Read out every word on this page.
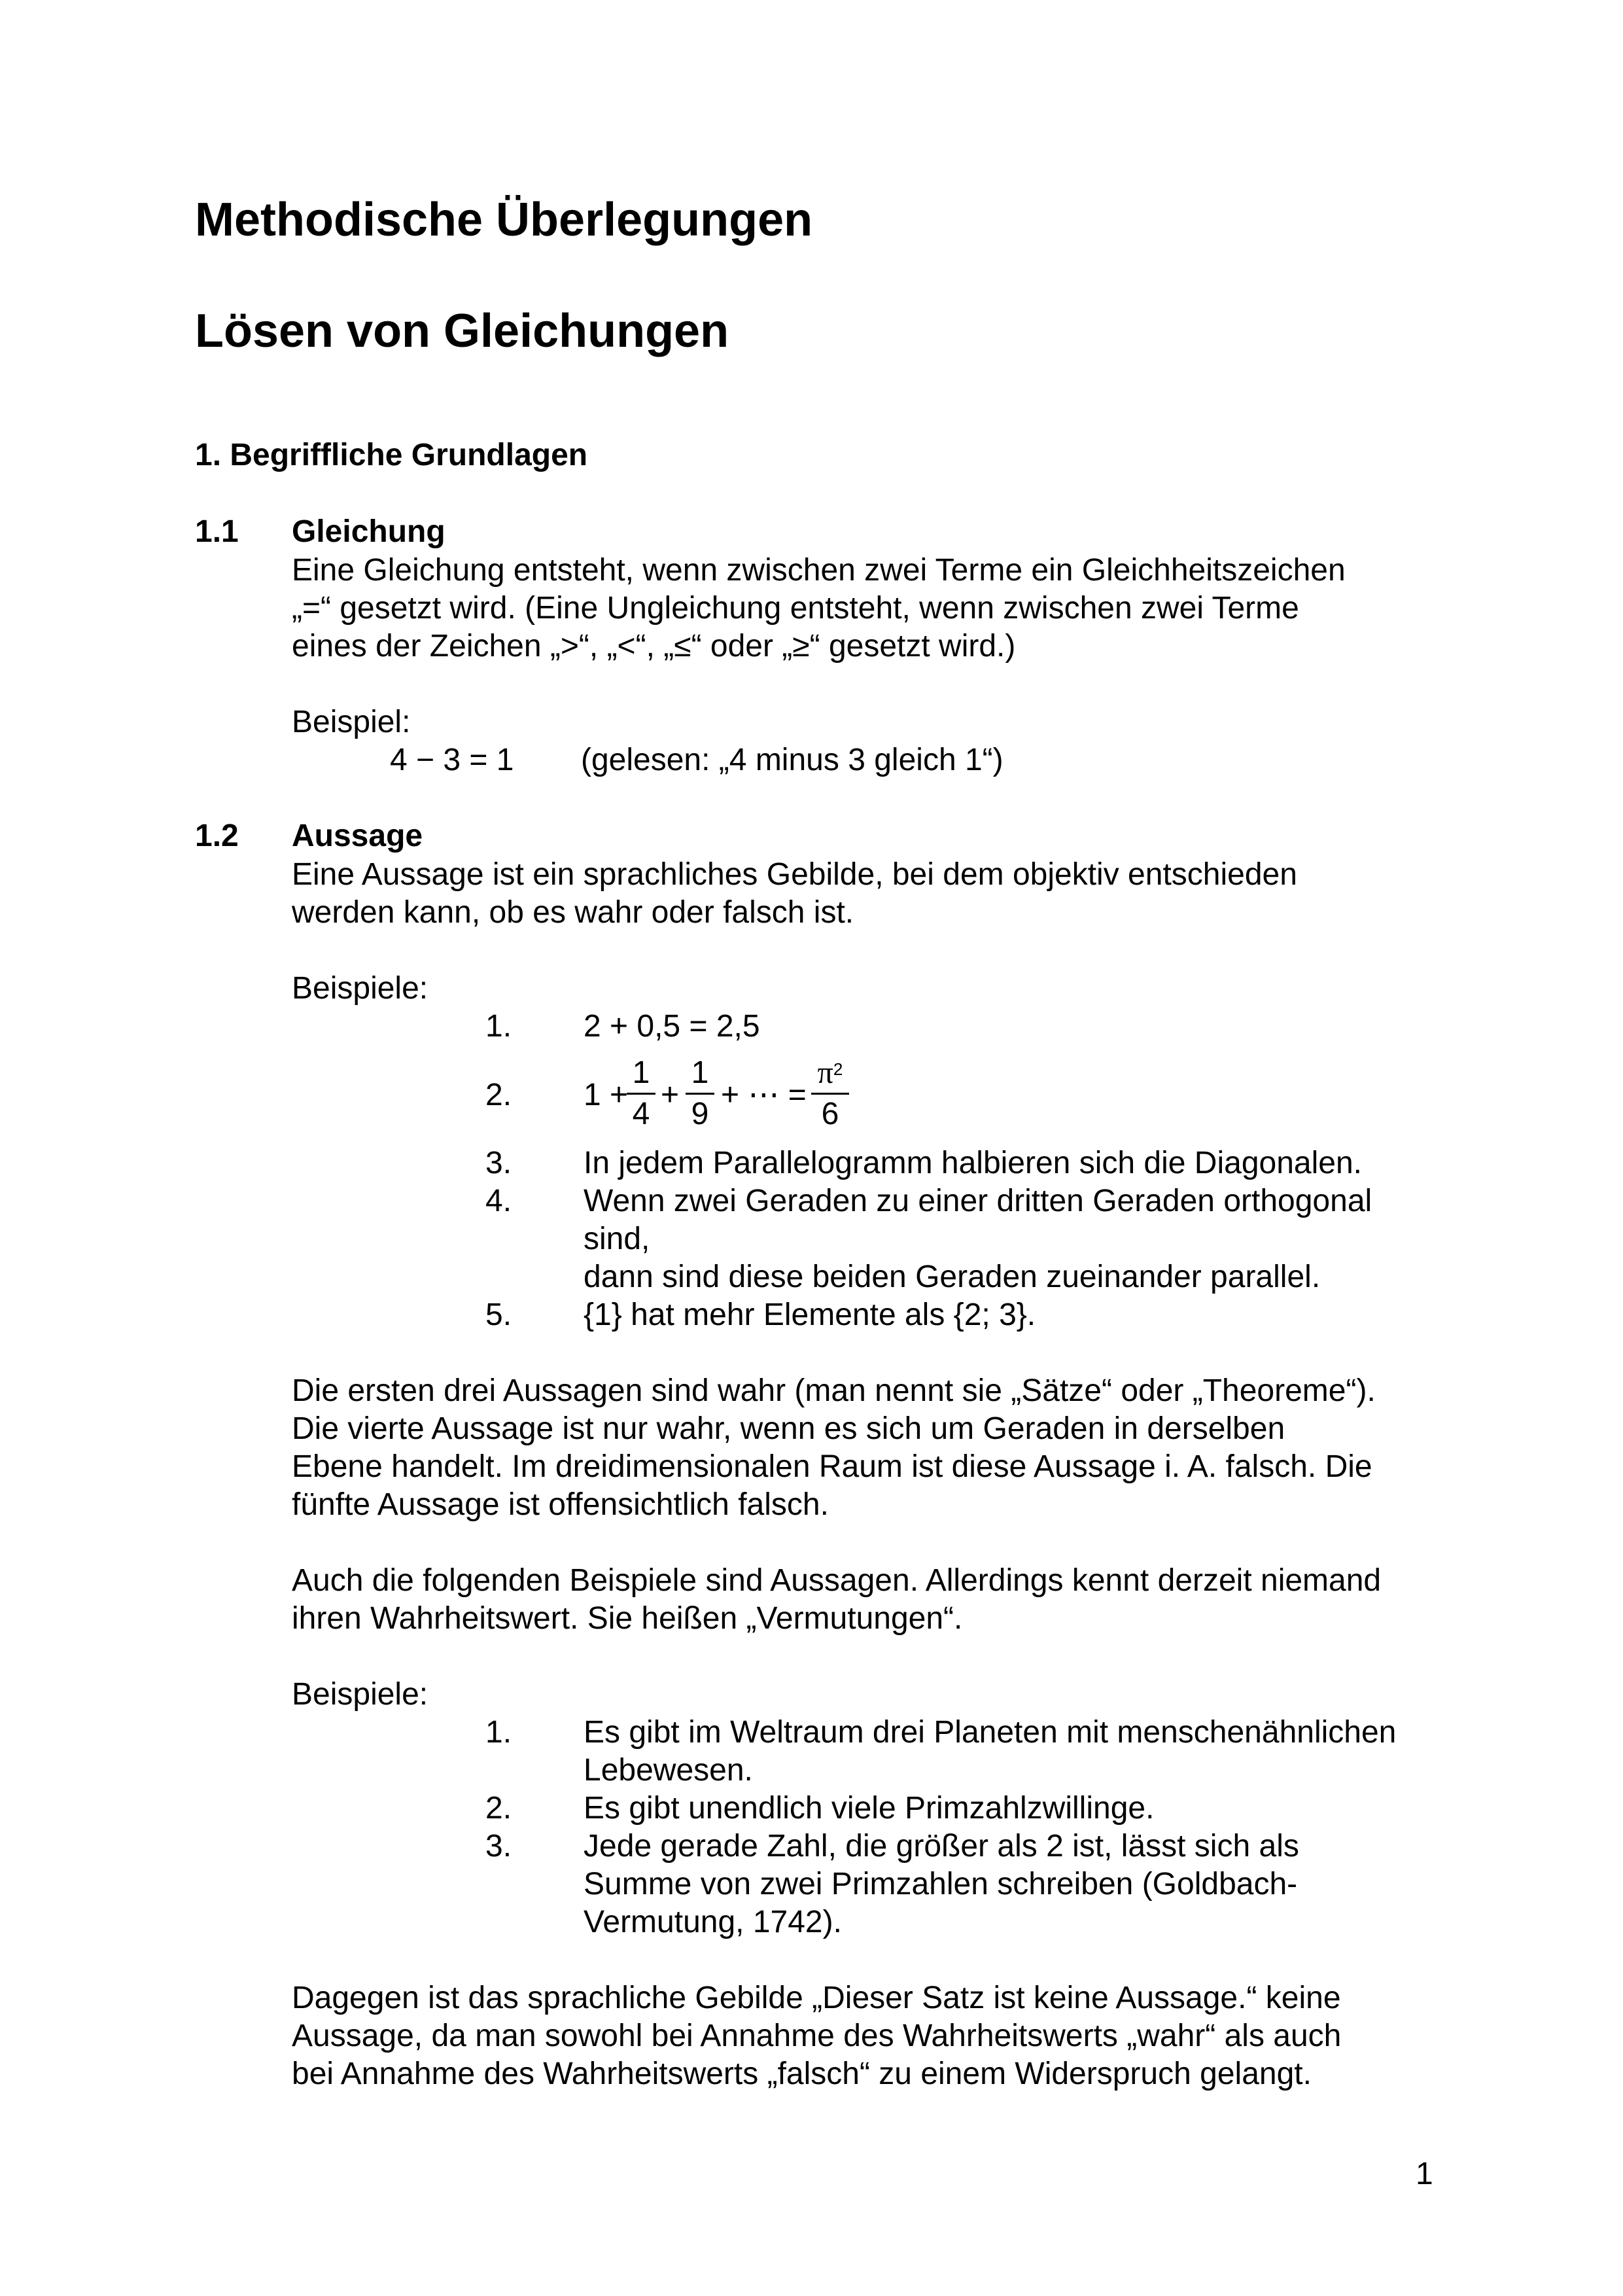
Methodische Überlegungen
Lösen von Gleichungen
1. Begriffliche Grundlagen
1.1 Gleichung
Eine Gleichung entsteht, wenn zwischen zwei Terme ein Gleichheitszeichen
„=“ gesetzt wird. (Eine Ungleichung entsteht, wenn zwischen zwei Terme
eines der Zeichen „>“, „<“, „≤“ oder „≥“ gesetzt wird.)
Beispiel:
4 − 3 = 1 (gelesen: „4 minus 3 gleich 1“)
1.2 Aussage
Eine Aussage ist ein sprachliches Gebilde, bei dem objektiv entschieden
werden kann, ob es wahr oder falsch ist.
Beispiele:
1. 2 + 0,5 = 2,5
2. 1 +
1
4
+
1
9
+ ⋯ =
$\pi^2$
6
3. In jedem Parallelogramm halbieren sich die Diagonalen.
4. Wenn zwei Geraden zu einer dritten Geraden orthogonal
sind,
dann sind diese beiden Geraden zueinander parallel.
5. {1} hat mehr Elemente als {2; 3}.
Die ersten drei Aussagen sind wahr (man nennt sie „Sätze“ oder „Theoreme“).
Die vierte Aussage ist nur wahr, wenn es sich um Geraden in derselben
Ebene handelt. Im dreidimensionalen Raum ist diese Aussage i. A. falsch. Die
fünfte Aussage ist offensichtlich falsch.
Auch die folgenden Beispiele sind Aussagen. Allerdings kennt derzeit niemand
ihren Wahrheitswert. Sie heißen „Vermutungen“.
Beispiele:
1. Es gibt im Weltraum drei Planeten mit menschenähnlichen
Lebewesen.
2. Es gibt unendlich viele Primzahlzwillinge.
3. Jede gerade Zahl, die größer als 2 ist, lässt sich als
Summe von zwei Primzahlen schreiben (Goldbach-
Vermutung, 1742).
Dagegen ist das sprachliche Gebilde „Dieser Satz ist keine Aussage.“ keine
Aussage, da man sowohl bei Annahme des Wahrheitswerts „wahr“ als auch
bei Annahme des Wahrheitswerts „falsch“ zu einem Widerspruch gelangt.
1
